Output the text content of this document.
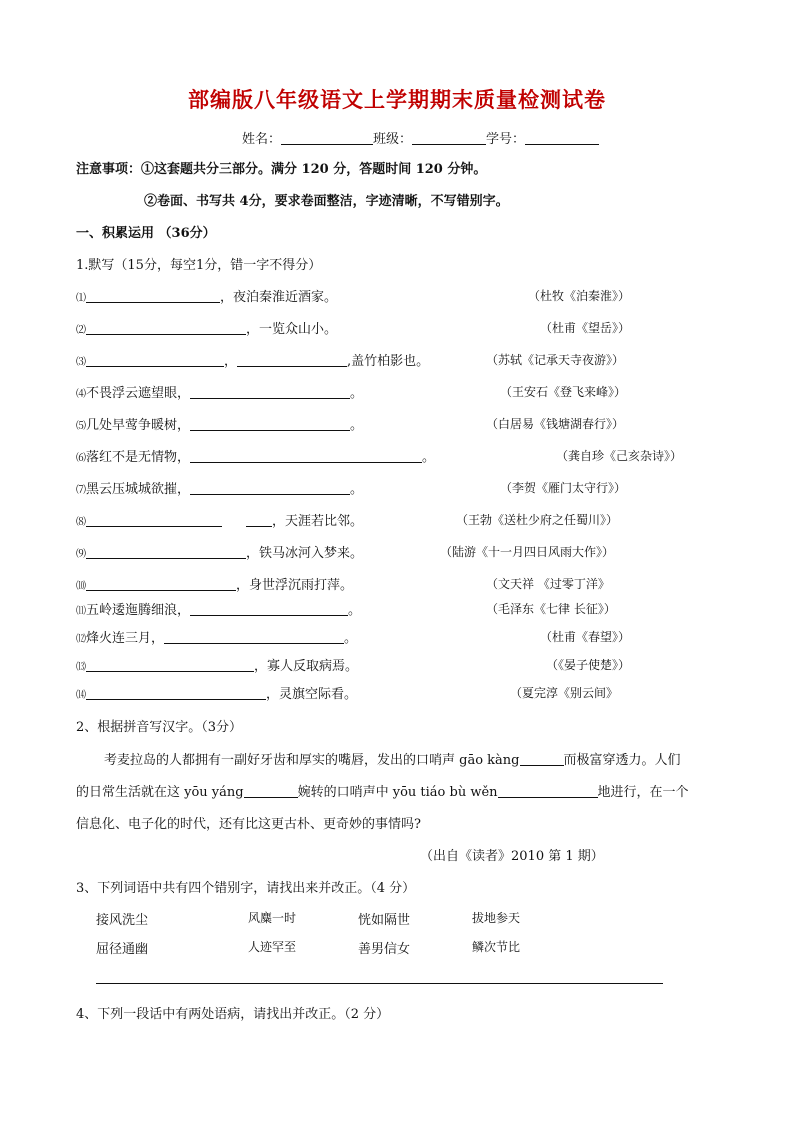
部编版八年级语文上学期期末质量检测试卷
姓名：	班级：	学号：
注意事项：①这套题共分三部分。满分 120 分，答题时间 120 分钟。
②卷面、书写共 4分，要求卷面整洁，字迹清晰，不写错别字。
一、积累运用 （36分）
1.默写（15分，每空1分，错一字不得分）
⑴	，夜泊秦淮近酒家。	（杜牧《泊秦淮》）
⑵	，一览众山小。	（杜甫《望岳》）
⑶	，	,盖竹柏影也。	（苏轼《记承天寺夜游》）
⑷不畏浮云遮望眼，	。	（王安石《登飞来峰》）
⑸几处早莺争暖树，	。	（白居易《钱塘湖春行》）
⑹落红不是无情物，	。	（龚自珍《己亥杂诗》）
⑺黑云压城城欲摧，	。	（李贺《雁门太守行》）
⑻	，天涯若比邻。	（王勃《送杜少府之任蜀川》）
⑼	，铁马冰河入梦来。	（陆游《十一月四日风雨大作》）
⑽	，身世浮沉雨打萍。	（文天祥 《过零丁洋》
⑾五岭逶迤腾细浪，	。	（毛泽东《七律 长征》）
⑿烽火连三月，	。	（杜甫《春望》）
⒀	，寡人反取病焉。	（《晏子使楚》）
⒁	，灵旗空际看。	（夏完淳《别云间》
2、根据拼音写汉字。（3分）
考麦拉岛的人都拥有一副好牙齿和厚实的嘴唇，发出的口哨声 gāo kàng	而极富穿透力。人们
的日常生活就在这 yōu yáng	婉转的口哨声中 yōu tiáo bù wěn	地进行，在一个
信息化、电子化的时代，还有比这更古朴、更奇妙的事情吗?
（出自《读者》2010 第 1 期）
3、下列词语中共有四个错别字，请找出来并改正。（4 分）
接风洗尘	风麋一时	恍如隔世	拔地参天
屈径通幽	人迹罕至	善男信女	鳞次节比
4、下列一段话中有两处语病，请找出并改正。（2 分）
